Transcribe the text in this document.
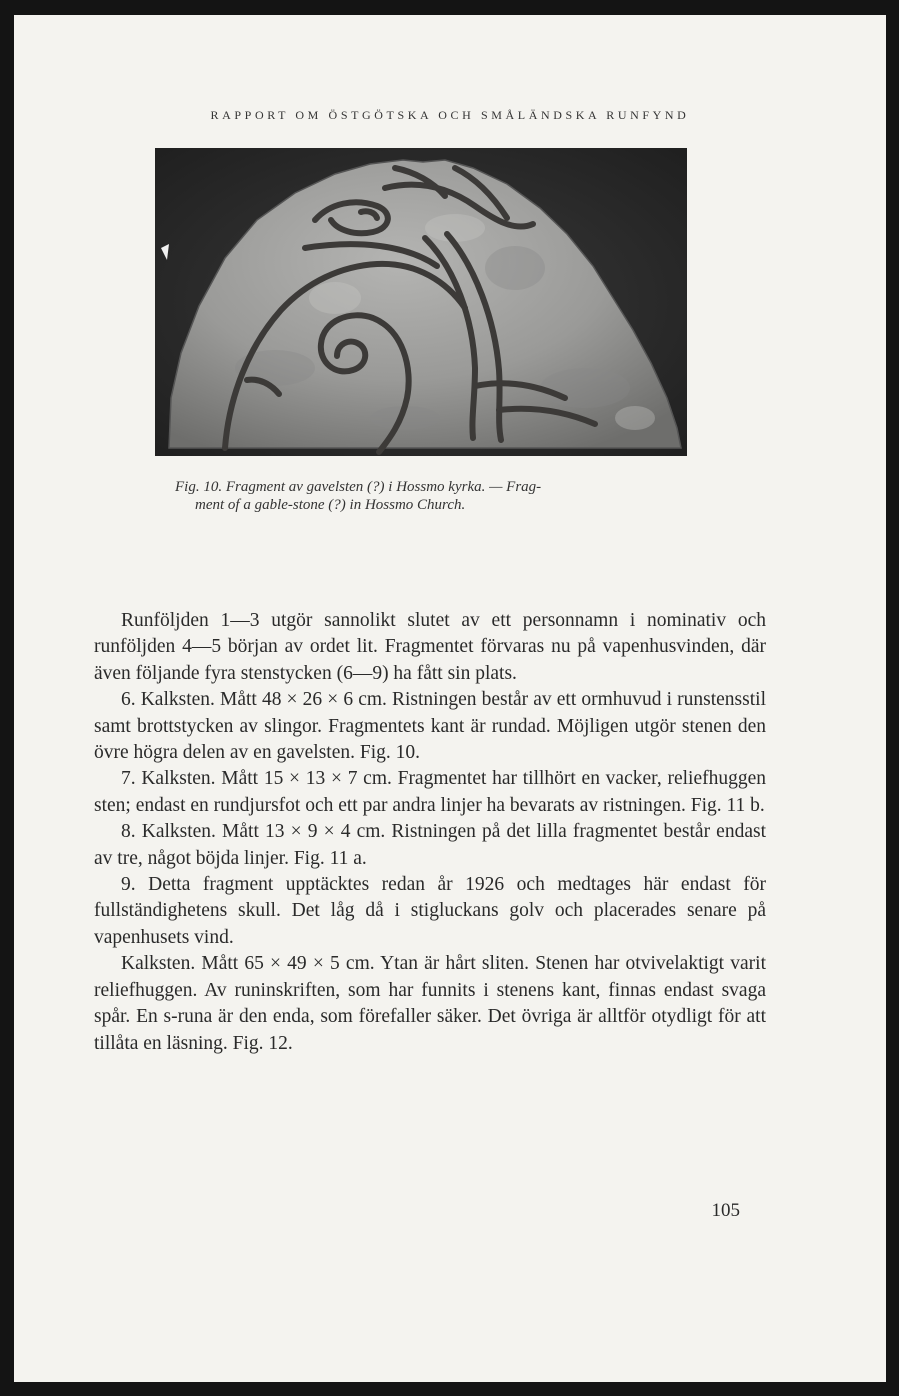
RAPPORT OM ÖSTGÖTSKA OCH SMÅLÄNDSKA RUNFYND
Fig. 10. Fragment av gavelsten (?) i Hossmo kyrka. — Frag-
ment of a gable-stone (?) in Hossmo Church.

Runföljden 1—3 utgör sannolikt slutet av ett personnamn i nominativ och runföljden 4—5 början av ordet lit. Fragmentet förvaras nu på vapenhusvinden, där även följande fyra stenstycken (6—9) ha fått sin plats.

6. Kalksten. Mått 48 × 26 × 6 cm. Ristningen består av ett ormhuvud i runstensstil samt brottstycken av slingor. Fragmentets kant är rundad. Möjligen utgör stenen den övre högra delen av en gavelsten. Fig. 10.

7. Kalksten. Mått 15 × 13 × 7 cm. Fragmentet har tillhört en vacker, reliefhuggen sten; endast en rundjursfot och ett par andra linjer ha bevarats av ristningen. Fig. 11 b.

8. Kalksten. Mått 13 × 9 × 4 cm. Ristningen på det lilla fragmentet består endast av tre, något böjda linjer. Fig. 11 a.

9. Detta fragment upptäcktes redan år 1926 och medtages här endast för fullständighetens skull. Det låg då i stigluckans golv och placerades senare på vapenhusets vind.

Kalksten. Mått 65 × 49 × 5 cm. Ytan är hårt sliten. Stenen har otvivelaktigt varit reliefhuggen. Av runinskriften, som har funnits i stenens kant, finnas endast svaga spår. En s-runa är den enda, som förefaller säker. Det övriga är alltför otydligt för att tillåta en läsning. Fig. 12.

105
